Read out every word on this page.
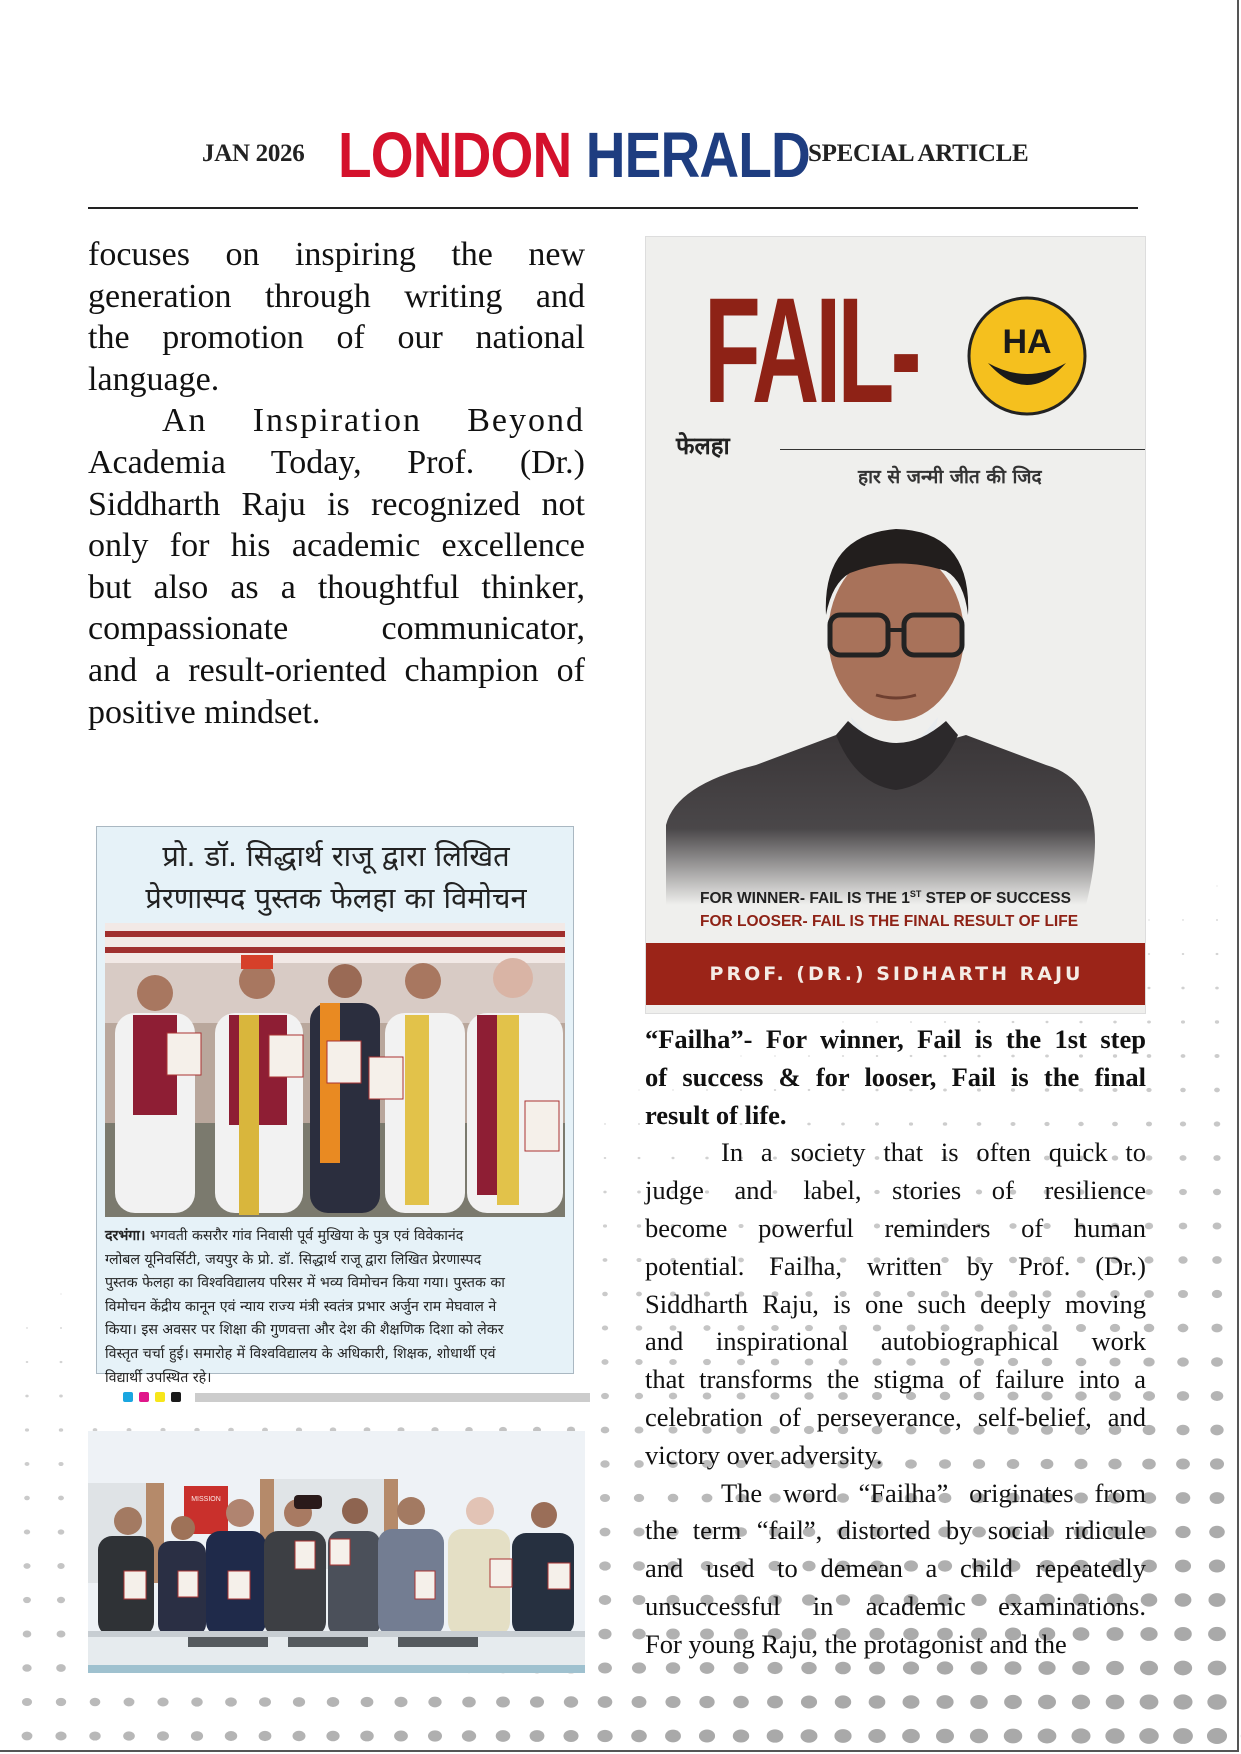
JAN 2026 LONDON HERALD
SPECIAL ARTICLE

focuses on inspiring the new
generation through writing and
the promotion of our national
language.

An Inspiration Beyond
Academia Today, Prof. (Dr.)
Siddharth Raju is recognized not
only for his academic excellence
but also as a thoughtful thinker,
compassionate communicator,
and a result-oriented champion of
positive mindset.

FAIL- HA
फेलहा
हार से जन्मी जीत की जिद
FOR WINNER- FAIL IS THE 1ST STEP OF SUCCESS
FOR LOOSER- FAIL IS THE FINAL RESULT OF LIFE
PROF. (DR.) SIDHARTH RAJU

“Failha”- For winner, Fail is the 1st step
of success & for looser, Fail is the final
result of life.

In a society that is often quick to
judge and label, stories of resilience
become powerful reminders of human
potential. Failha, written by Prof. (Dr.)
Siddharth Raju, is one such deeply moving
and inspirational autobiographical work
that transforms the stigma of failure into a
celebration of perseverance, self-belief, and
victory over adversity.

The word “Failha” originates from
the term “fail”, distorted by social ridicule
and used to demean a child repeatedly
unsuccessful in academic examinations.
For young Raju, the protagonist and the

प्रो. डॉ. सिद्धार्थ राजू द्वारा लिखित
प्रेरणास्पद पुस्तक फेलहा का विमोचन
दरभंगा। भगवती कसरौर गांव निवासी पूर्व मुखिया के पुत्र एवं विवेकानंद
ग्लोबल यूनिवर्सिटी, जयपुर के प्रो. डॉ. सिद्धार्थ राजू द्वारा लिखित प्रेरणास्पद
पुस्तक फेलहा का विश्वविद्यालय परिसर में भव्य विमोचन किया गया। पुस्तक का
विमोचन केंद्रीय कानून एवं न्याय राज्य मंत्री स्वतंत्र प्रभार अर्जुन राम मेघवाल ने
किया। इस अवसर पर शिक्षा की गुणवत्ता और देश की शैक्षणिक दिशा को लेकर
विस्तृत चर्चा हुई। समारोह में विश्वविद्यालय के अधिकारी, शिक्षक, शोधार्थी एवं
विद्यार्थी उपस्थित रहे।
MISSION
